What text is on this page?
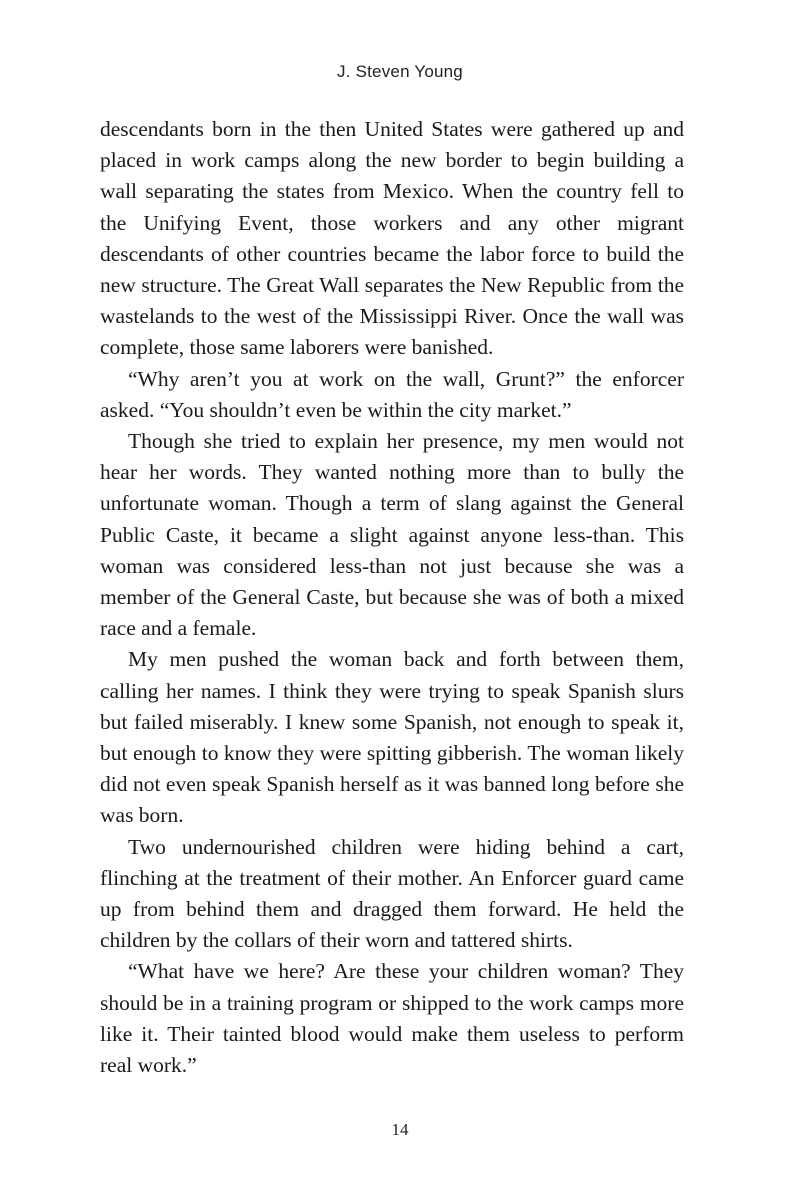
J. Steven Young

descendants born in the then United States were gathered up and placed in work camps along the new border to begin building a wall separating the states from Mexico. When the country fell to the Unifying Event, those workers and any other migrant descendants of other countries became the labor force to build the new structure. The Great Wall separates the New Republic from the wastelands to the west of the Mississippi River. Once the wall was complete, those same laborers were banished.

“Why aren’t you at work on the wall, Grunt?” the enforcer asked. “You shouldn’t even be within the city market.”

Though she tried to explain her presence, my men would not hear her words. They wanted nothing more than to bully the unfortunate woman. Though a term of slang against the General Public Caste, it became a slight against anyone less-than. This woman was considered less-than not just because she was a member of the General Caste, but because she was of both a mixed race and a female.

My men pushed the woman back and forth between them, calling her names. I think they were trying to speak Spanish slurs but failed miserably. I knew some Spanish, not enough to speak it, but enough to know they were spitting gibberish. The woman likely did not even speak Spanish herself as it was banned long before she was born.

Two undernourished children were hiding behind a cart, flinching at the treatment of their mother. An Enforcer guard came up from behind them and dragged them forward. He held the children by the collars of their worn and tattered shirts.

“What have we here? Are these your children woman? They should be in a training program or shipped to the work camps more like it. Their tainted blood would make them useless to perform real work.”

14
